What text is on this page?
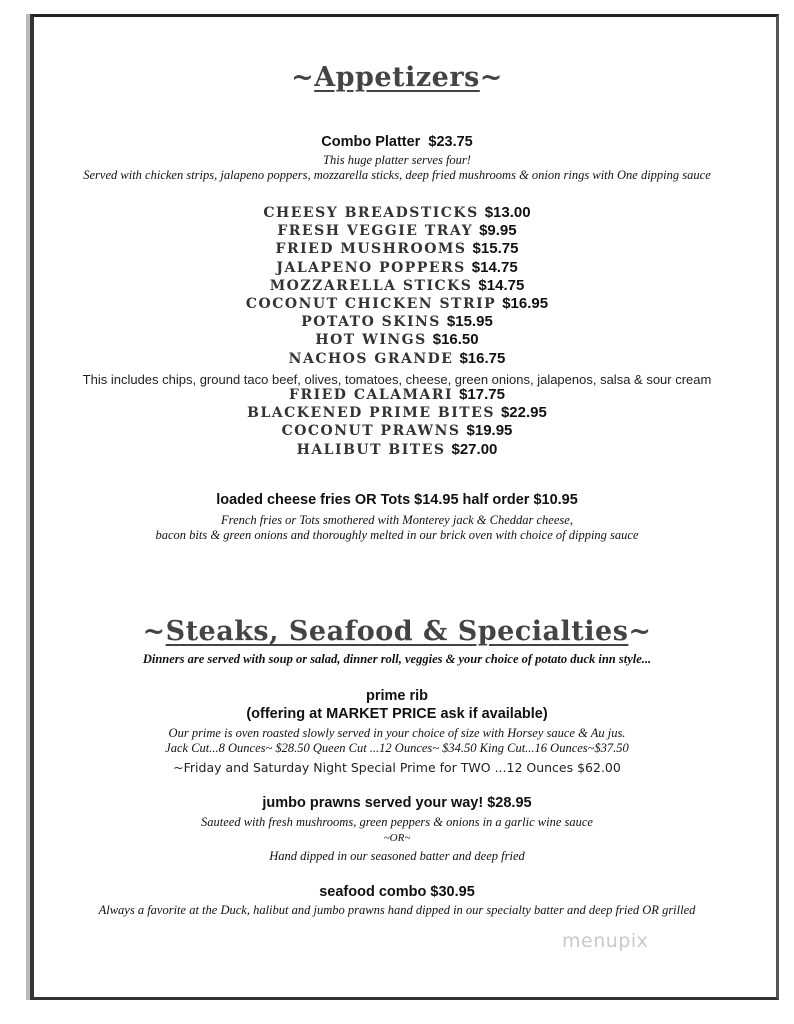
~Appetizers~
Combo Platter $23.75
This huge platter serves four!
Served with chicken strips, jalapeno poppers, mozzarella sticks, deep fried mushrooms & onion rings with One dipping sauce
CHEESY BREADSTICKS $13.00
FRESH VEGGIE TRAY $9.95
FRIED MUSHROOMS $15.75
JALAPENO POPPERS $14.75
MOZZARELLA STICKS $14.75
COCONUT CHICKEN STRIP $16.95
POTATO SKINS $15.95
HOT WINGS $16.50
NACHOS GRANDE $16.75
This includes chips, ground taco beef, olives, tomatoes, cheese, green onions, jalapenos, salsa & sour cream
FRIED CALAMARI $17.75
BLACKENED PRIME BITES $22.95
COCONUT PRAWNS $19.95
HALIBUT BITES $27.00
loaded cheese fries OR Tots $14.95 half order $10.95
French fries or Tots smothered with Monterey jack & Cheddar cheese,
bacon bits & green onions and thoroughly melted in our brick oven with choice of dipping sauce
~Steaks, Seafood & Specialties~
Dinners are served with soup or salad, dinner roll, veggies & your choice of potato duck inn style...
prime rib
(offering at MARKET PRICE ask if available)
Our prime is oven roasted slowly served in your choice of size with Horsey sauce & Au jus.
Jack Cut...8 Ounces~ $28.50 Queen Cut ...12 Ounces~ $34.50 King Cut...16 Ounces~$37.50
~Friday and Saturday Night Special Prime for TWO ...12 Ounces $62.00
jumbo prawns served your way! $28.95
Sauteed with fresh mushrooms, green peppers & onions in a garlic wine sauce
~OR~
Hand dipped in our seasoned batter and deep fried
seafood combo $30.95
Always a favorite at the Duck, halibut and jumbo prawns hand dipped in our specialty batter and deep fried OR grilled
menupix
